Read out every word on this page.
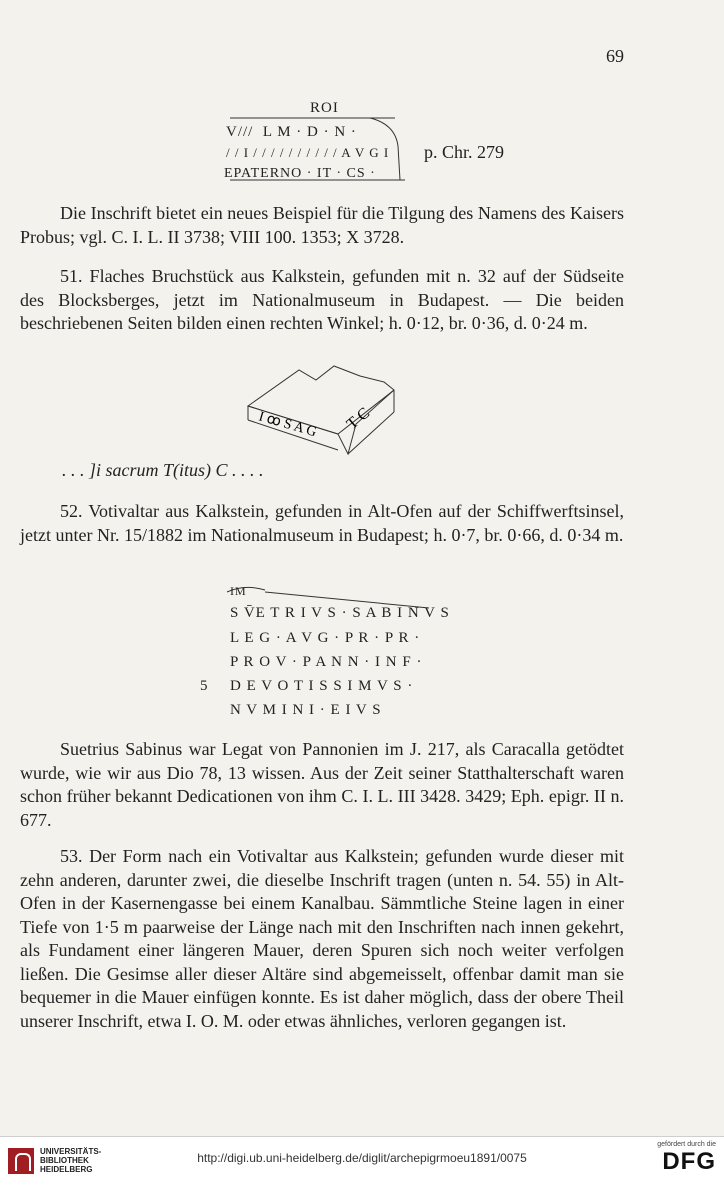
69
ROI
V///  L M · D · N ·
/ / I / / / / / / / / / / A V G I
EPATERNO · IT · CS ·
p. Chr. 279

Die Inschrift bietet ein neues Beispiel für die Tilgung des Namens des Kaisers Probus; vgl. C. I. L. II 3738; VIII 100. 1353; X 3728.

51. Flaches Bruchstück aus Kalkstein, gefunden mit n. 32 auf der Südseite des Blocksberges, jetzt im Nationalmuseum in Budapest. — Die beiden beschriebenen Seiten bilden einen rechten Winkel; h. 0·12, br. 0·36, d. 0·24 m.

I ꝏ S A G T C
. . . ]i sacrum T(itus) C . . . .

52. Votivaltar aus Kalkstein, gefunden in Alt-Ofen auf der Schiffwerftsinsel, jetzt unter Nr. 15/1882 im Nationalmuseum in Budapest; h. 0·7, br. 0·66, d. 0·34 m.

IM
S V̄E T R I V S · S A B I N V S
L E G · A V G · P R · P R ·
P R O V · P A N N · I N F ·
5 D E V O T I S S I M V S ·
N V M I N I · E I V S

Suetrius Sabinus war Legat von Pannonien im J. 217, als Caracalla getödtet wurde, wie wir aus Dio 78, 13 wissen. Aus der Zeit seiner Statthalterschaft waren schon früher bekannt Dedicationen von ihm C. I. L. III 3428. 3429; Eph. epigr. II n. 677.

53. Der Form nach ein Votivaltar aus Kalkstein; gefunden wurde dieser mit zehn anderen, darunter zwei, die dieselbe Inschrift tragen (unten n. 54. 55) in Alt-Ofen in der Kasernengasse bei einem Kanalbau. Sämmtliche Steine lagen in einer Tiefe von 1·5 m paarweise der Länge nach mit den Inschriften nach innen gekehrt, als Fundament einer längeren Mauer, deren Spuren sich noch weiter verfolgen ließen. Die Gesimse aller dieser Altäre sind abgemeisselt, offenbar damit man sie bequemer in die Mauer einfügen konnte. Es ist daher möglich, dass der obere Theil unserer Inschrift, etwa I. O. M. oder etwas ähnliches, verloren gegangen ist.

UNIVERSITÄTS-
BIBLIOTHEK
HEIDELBERG
http://digi.ub.uni-heidelberg.de/diglit/archepigrmoeu1891/0075
gefördert durch die
DFG
